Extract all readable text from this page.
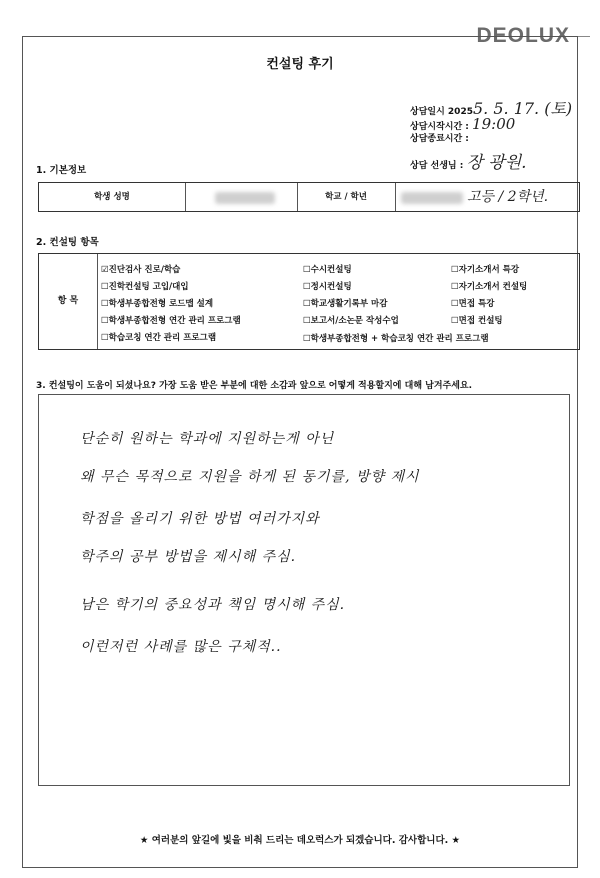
DEOLUX
컨설팅 후기
상담일시 20255. 5. 17. (토)
상담시작시간 : 19:00
상담종료시간 :
상담 선생님 : 장 광원.
1. 기본정보
학생 성명	학교 / 학년	고등 / 2학년.
2. 컨설팅 항목
항 목
☑진단검사 진로/학습
☐진학컨설팅 고입/대입
☐학생부종합전형 로드맵 설계
☐학생부종합전형 연간 관리 프로그램
☐학습코칭 연간 관리 프로그램
☐수시컨설팅
☐정시컨설팅
☐학교생활기록부 마감
☐보고서/소논문 작성수업
☐학생부종합전형 + 학습코칭 연간 관리 프로그램
☐자기소개서 특강
☐자기소개서 컨설팅
☐면접 특강
☐면접 컨설팅
3. 컨설팅이 도움이 되셨나요? 가장 도움 받은 부분에 대한 소감과 앞으로 어떻게 적용할지에 대해 남겨주세요.
단순히 원하는 학과에 지원하는게 아닌
왜 무슨 목적으로 지원을 하게 된 동기를, 방향 제시
학점을 올리기 위한 방법 여러가지와
학주의 공부 방법을 제시해 주심.
남은 학기의 중요성과 책임 명시해 주심.
이런저런 사례를 많은 구체적..
★ 여러분의 앞길에 빛을 비춰 드리는 데오럭스가 되겠습니다. 감사합니다. ★
